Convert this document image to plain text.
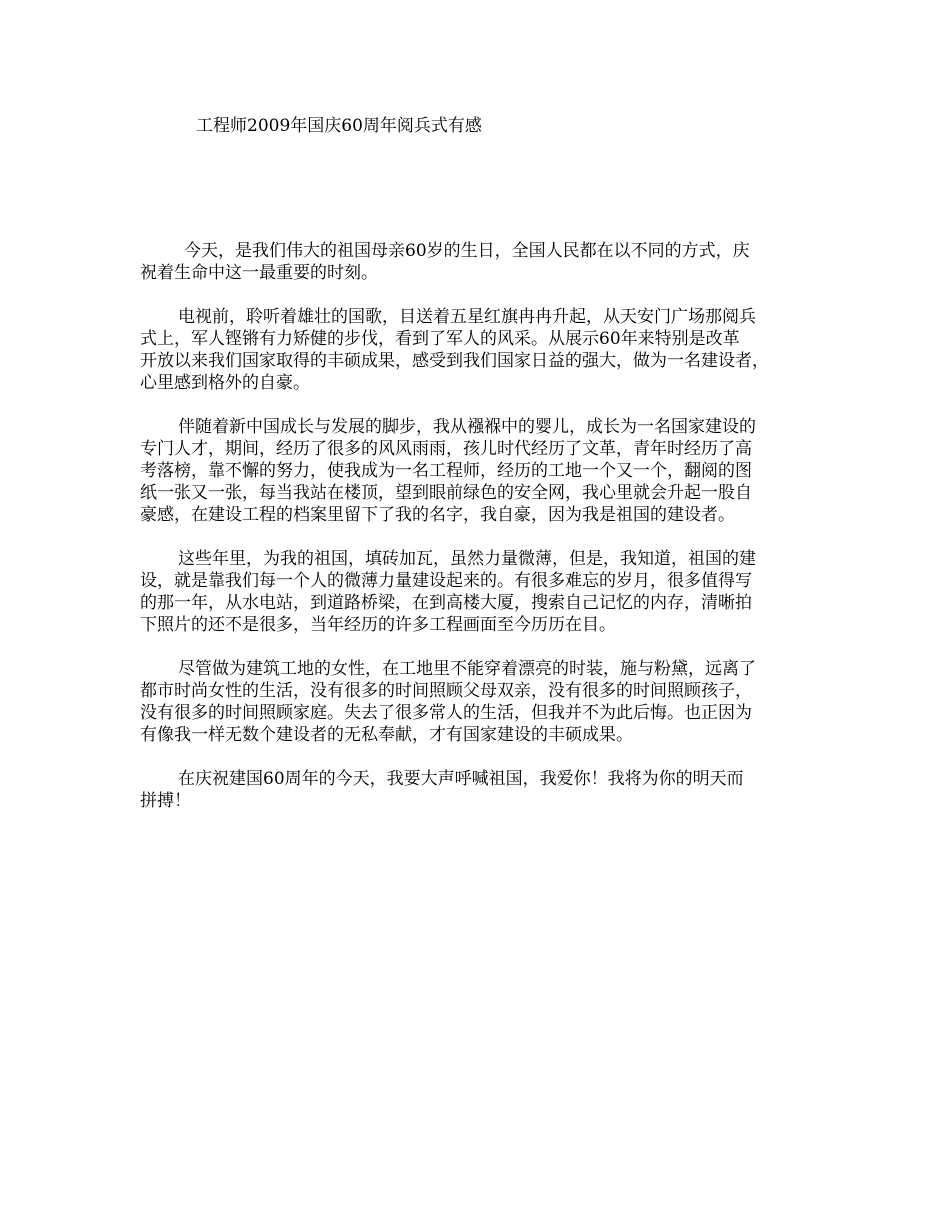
工程师2009年国庆60周年阅兵式有感

今天，是我们伟大的祖国母亲60岁的生日，全国人民都在以不同的方式，庆
祝着生命中这一最重要的时刻。

电视前，聆听着雄壮的国歌，目送着五星红旗冉冉升起，从天安门广场那阅兵
式上，军人铿锵有力矫健的步伐，看到了军人的风采。从展示60年来特别是改革
开放以来我们国家取得的丰硕成果，感受到我们国家日益的强大，做为一名建设者，
心里感到格外的自豪。

伴随着新中国成长与发展的脚步，我从襁褓中的婴儿，成长为一名国家建设的
专门人才，期间，经历了很多的风风雨雨，孩儿时代经历了文革，青年时经历了高
考落榜，靠不懈的努力，使我成为一名工程师，经历的工地一个又一个，翻阅的图
纸一张又一张，每当我站在楼顶，望到眼前绿色的安全网，我心里就会升起一股自
豪感，在建设工程的档案里留下了我的名字，我自豪，因为我是祖国的建设者。

这些年里，为我的祖国，填砖加瓦，虽然力量微薄，但是，我知道，祖国的建
设，就是靠我们每一个人的微薄力量建设起来的。有很多难忘的岁月，很多值得写
的那一年，从水电站，到道路桥梁，在到高楼大厦，搜索自己记忆的内存，清晰拍
下照片的还不是很多，当年经历的许多工程画面至今历历在目。

尽管做为建筑工地的女性，在工地里不能穿着漂亮的时装，施与粉黛，远离了
都市时尚女性的生活，没有很多的时间照顾父母双亲，没有很多的时间照顾孩子，
没有很多的时间照顾家庭。失去了很多常人的生活，但我并不为此后悔。也正因为
有像我一样无数个建设者的无私奉献，才有国家建设的丰硕成果。

在庆祝建国60周年的今天，我要大声呼喊祖国，我爱你！我将为你的明天而
拼搏！
